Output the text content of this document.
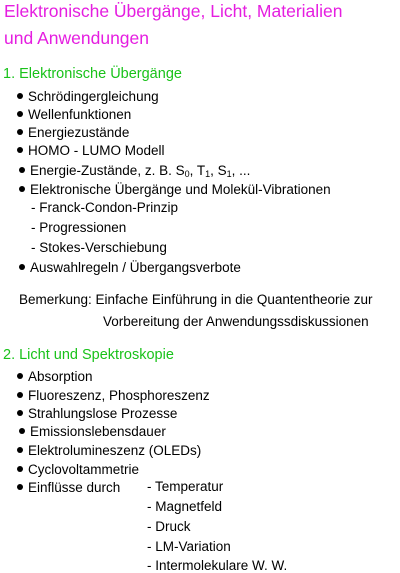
Elektronische Übergänge, Licht, Materialien
und Anwendungen
1. Elektronische Übergänge
Schrödingergleichung
Wellenfunktionen
Energiezustände
HOMO - LUMO Modell
Energie-Zustände, z. B. $S_0$, $T_1$, $S_1$, ...
Elektronische Übergänge und Molekül-Vibrationen
- Franck-Condon-Prinzip
- Progressionen
- Stokes-Verschiebung
Auswahlregeln / Übergangsverbote
Bemerkung: Einfache Einführung in die Quantentheorie zur
Vorbereitung der Anwendungssdiskussionen
2. Licht und Spektroskopie
Absorption
Fluoreszenz, Phosphoreszenz
Strahlungslose Prozesse
Emissionslebensdauer
Elektrolumineszenz (OLEDs)
Cyclovoltammetrie
Einflüsse durch - Temperatur
- Magnetfeld
- Druck
- LM-Variation
- Intermolekulare W. W.
